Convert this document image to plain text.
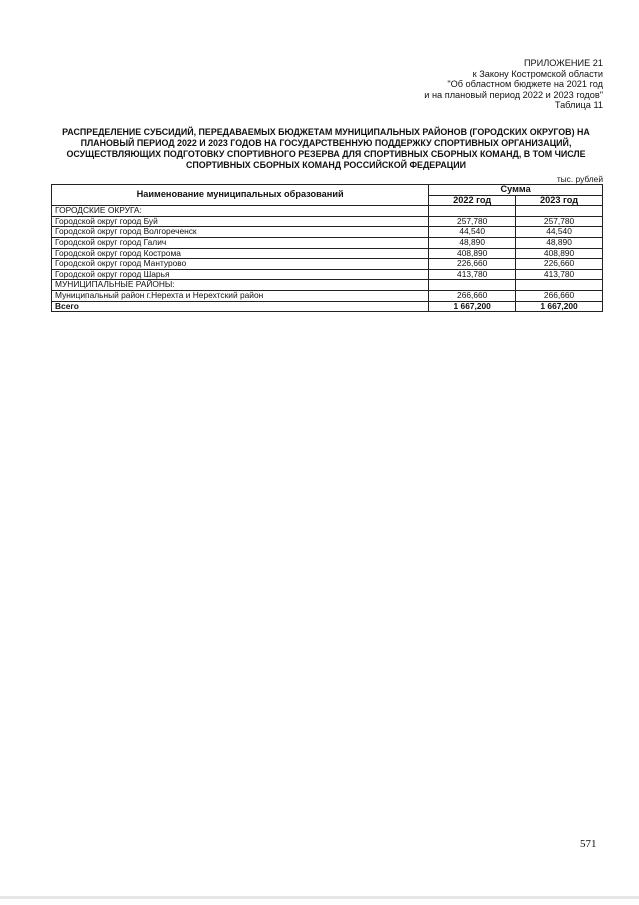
ПРИЛОЖЕНИЕ 21
к Закону Костромской области
"Об областном бюджете на 2021 год
и на плановый период 2022 и 2023 годов"
Таблица 11
РАСПРЕДЕЛЕНИЕ СУБСИДИЙ, ПЕРЕДАВАЕМЫХ БЮДЖЕТАМ МУНИЦИПАЛЬНЫХ РАЙОНОВ (ГОРОДСКИХ ОКРУГОВ) НА ПЛАНОВЫЙ ПЕРИОД 2022 И 2023 ГОДОВ НА ГОСУДАРСТВЕННУЮ ПОДДЕРЖКУ СПОРТИВНЫХ ОРГАНИЗАЦИЙ, ОСУЩЕСТВЛЯЮЩИХ ПОДГОТОВКУ СПОРТИВНОГО РЕЗЕРВА ДЛЯ СПОРТИВНЫХ СБОРНЫХ КОМАНД, В ТОМ ЧИСЛЕ СПОРТИВНЫХ СБОРНЫХ КОМАНД РОССИЙСКОЙ ФЕДЕРАЦИИ
тыс. рублей
Наименование муниципальных образований	Сумма	
	2022 год	2023 год
ГОРОДСКИЕ ОКРУГА:		
Городской округ город Буй	257,780	257,780
Городской округ город Волгореченск	44,540	44,540
Городской округ город Галич	48,890	48,890
Городской округ город Кострома	408,890	408,890
Городской округ город Мантурово	226,660	226,660
Городской округ город Шарья	413,780	413,780
МУНИЦИПАЛЬНЫЕ РАЙОНЫ:		
Муниципальный район г.Нерехта и Нерехтский район	266,660	266,660
Всего	1 667,200	1 667,200
571
